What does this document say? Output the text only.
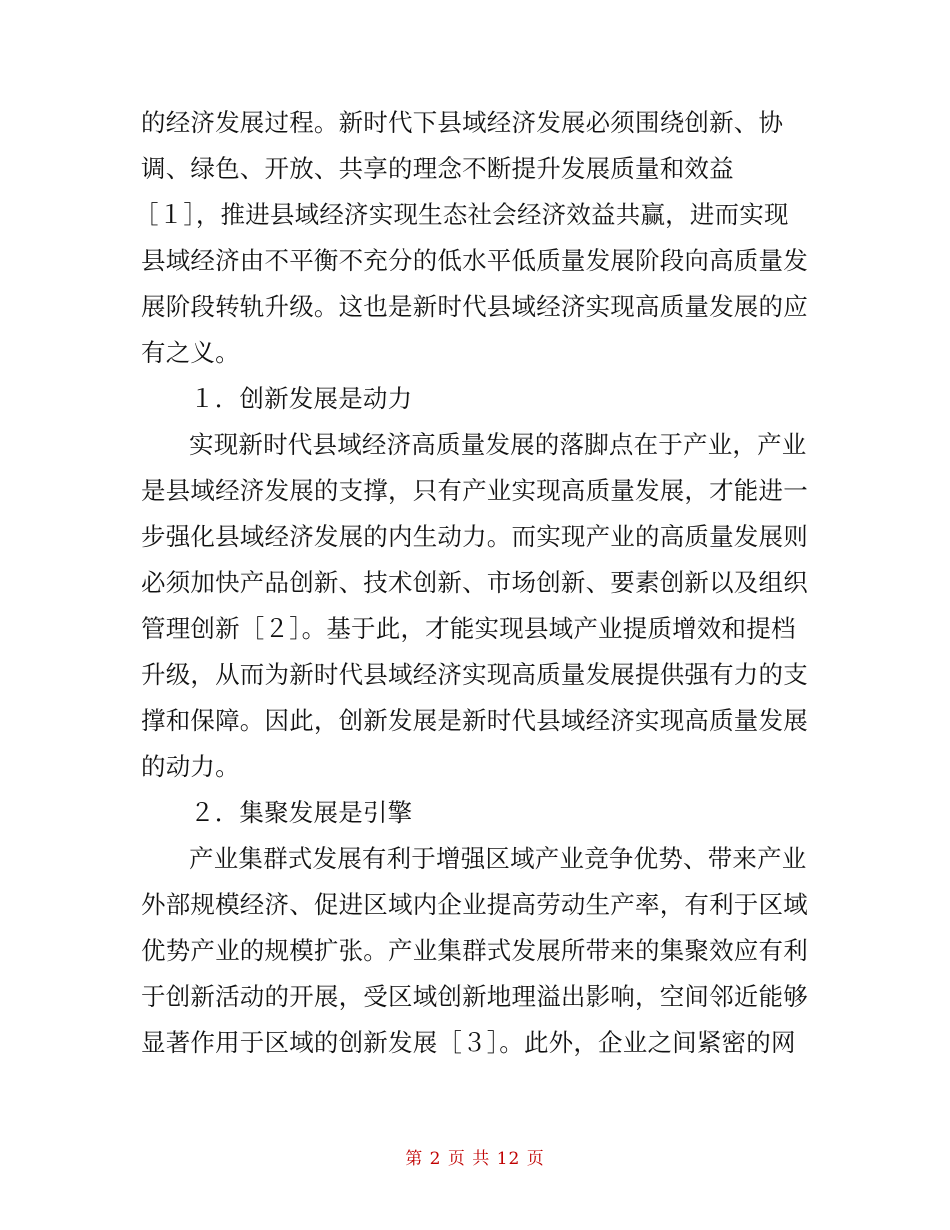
的经济发展过程。新时代下县域经济发展必须围绕创新、协
调、绿色、开放、共享的理念不断提升发展质量和效益
［１］，推进县域经济实现生态社会经济效益共赢，进而实现
县域经济由不平衡不充分的低水平低质量发展阶段向高质量发
展阶段转轨升级。这也是新时代县域经济实现高质量发展的应
有之义。
１．创新发展是动力
实现新时代县域经济高质量发展的落脚点在于产业，产业
是县域经济发展的支撑，只有产业实现高质量发展，才能进一
步强化县域经济发展的内生动力。而实现产业的高质量发展则
必须加快产品创新、技术创新、市场创新、要素创新以及组织
管理创新［２］。基于此，才能实现县域产业提质增效和提档
升级，从而为新时代县域经济实现高质量发展提供强有力的支
撑和保障。因此，创新发展是新时代县域经济实现高质量发展
的动力。
２．集聚发展是引擎
产业集群式发展有利于增强区域产业竞争优势、带来产业
外部规模经济、促进区域内企业提高劳动生产率，有利于区域
优势产业的规模扩张。产业集群式发展所带来的集聚效应有利
于创新活动的开展，受区域创新地理溢出影响，空间邻近能够
显著作用于区域的创新发展［３］。此外，企业之间紧密的网
第 2 页 共 12 页
